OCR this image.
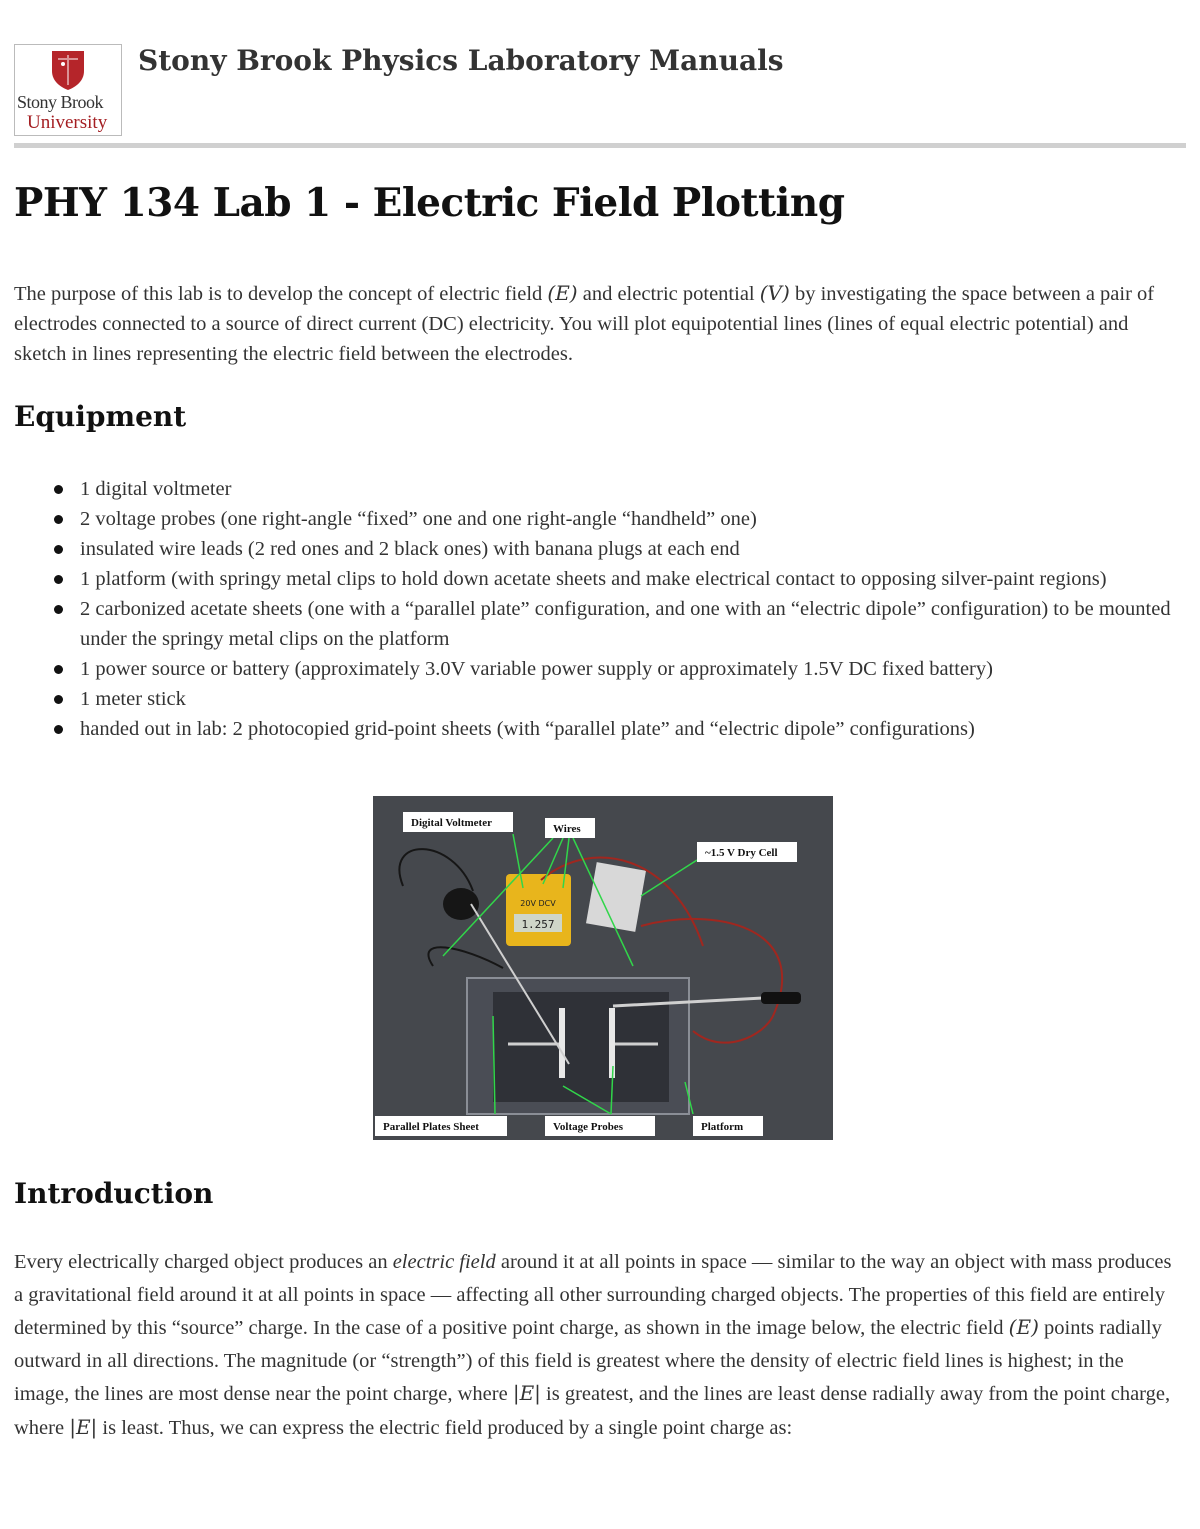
Stony Brook
University
Stony Brook Physics Laboratory Manuals
PHY 134 Lab 1 - Electric Field Plotting

The purpose of this lab is to develop the concept of electric field (E) and electric potential (V) by investigating the space between a pair of electrodes connected to a source of direct current (DC) electricity. You will plot equipotential lines (lines of equal electric potential) and sketch in lines representing the electric field between the electrodes.

Equipment
1 digital voltmeter
2 voltage probes (one right-angle “fixed” one and one right-angle “handheld” one)
insulated wire leads (2 red ones and 2 black ones) with banana plugs at each end
1 platform (with springy metal clips to hold down acetate sheets and make electrical contact to opposing silver-paint regions)
2 carbonized acetate sheets (one with a “parallel plate” configuration, and one with an “electric dipole” configuration) to be mounted under the springy metal clips on the platform
1 power source or battery (approximately 3.0V variable power supply or approximately 1.5V DC fixed battery)
1 meter stick
handed out in lab: 2 photocopied grid-point sheets (with “parallel plate” and “electric dipole” configurations)
1.257
20V DCV
Digital Voltmeter	Wires
~1.5 V Dry Cell
Parallel Plates Sheet	Voltage Probes	Platform
Introduction

Every electrically charged object produces an electric field around it at all points in space — similar to the way an object with mass produces a gravitational field around it at all points in space — affecting all other surrounding charged objects. The properties of this field are entirely determined by this “source” charge. In the case of a positive point charge, as shown in the image below, the electric field (E) points radially outward in all directions. The magnitude (or “strength”) of this field is greatest where the density of electric field lines is highest; in the image, the lines are most dense near the point charge, where |E| is greatest, and the lines are least dense radially away from the point charge, where |E| is least. Thus, we can express the electric field produced by a single point charge as:
